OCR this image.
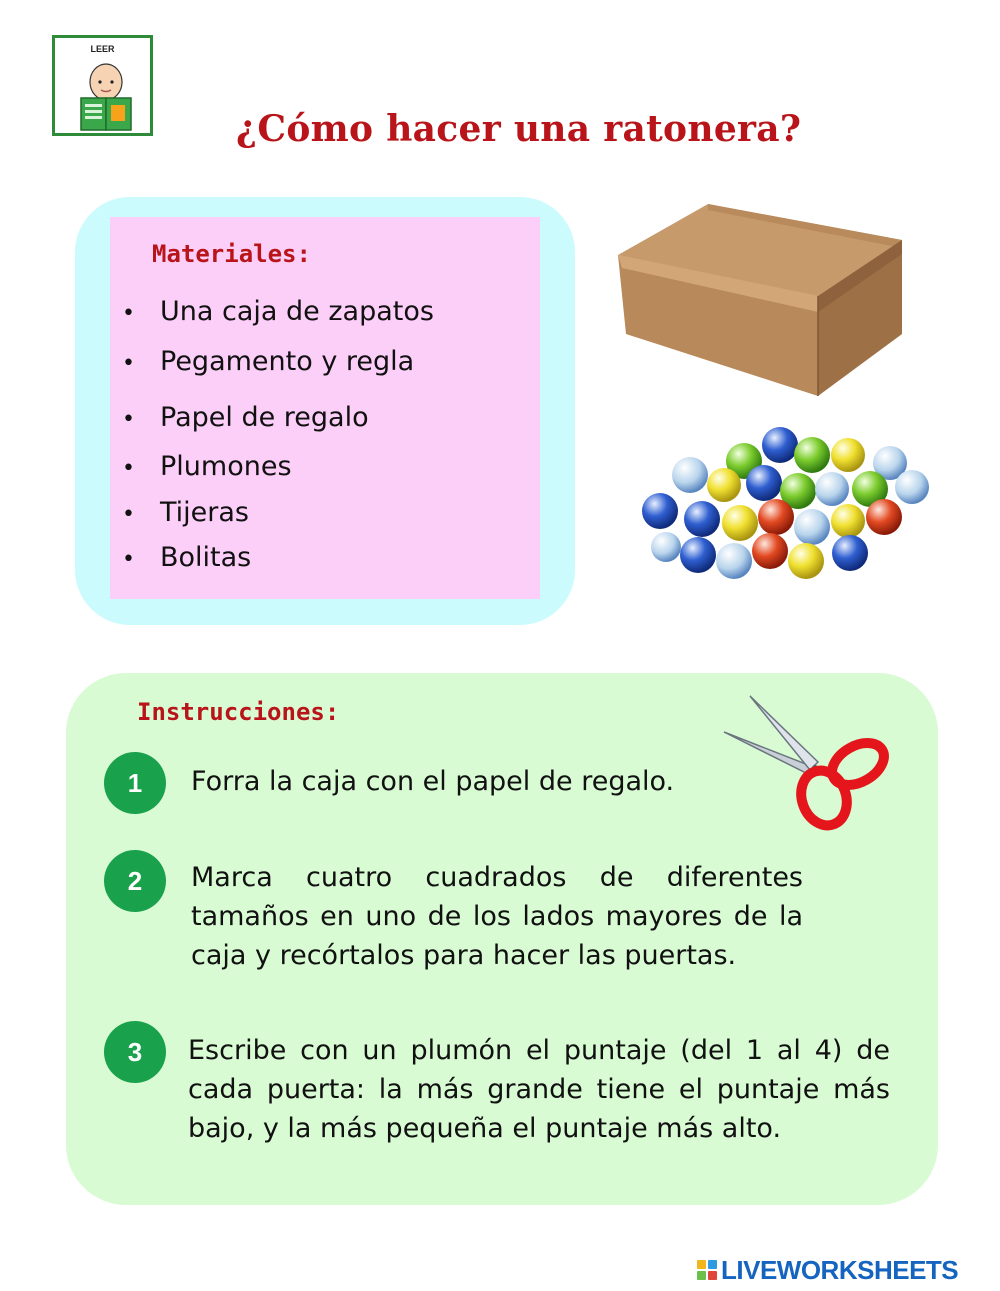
LEER
¿Cómo hacer una ratonera?
Materiales:
• Una caja de zapatos
• Pegamento y regla
• Papel de regalo
• Plumones
• Tijeras
• Bolitas
Instrucciones:
1	Forra la caja con el papel de regalo.
2	Marca cuatro cuadrados de diferentes tamaños en uno de los lados mayores de la caja y recórtalos para hacer las puertas.
3	Escribe con un plumón el puntaje (del 1 al 4) de cada puerta: la más grande tiene el puntaje más bajo, y la más pequeña el puntaje más alto.
LIVEWORKSHEETS
